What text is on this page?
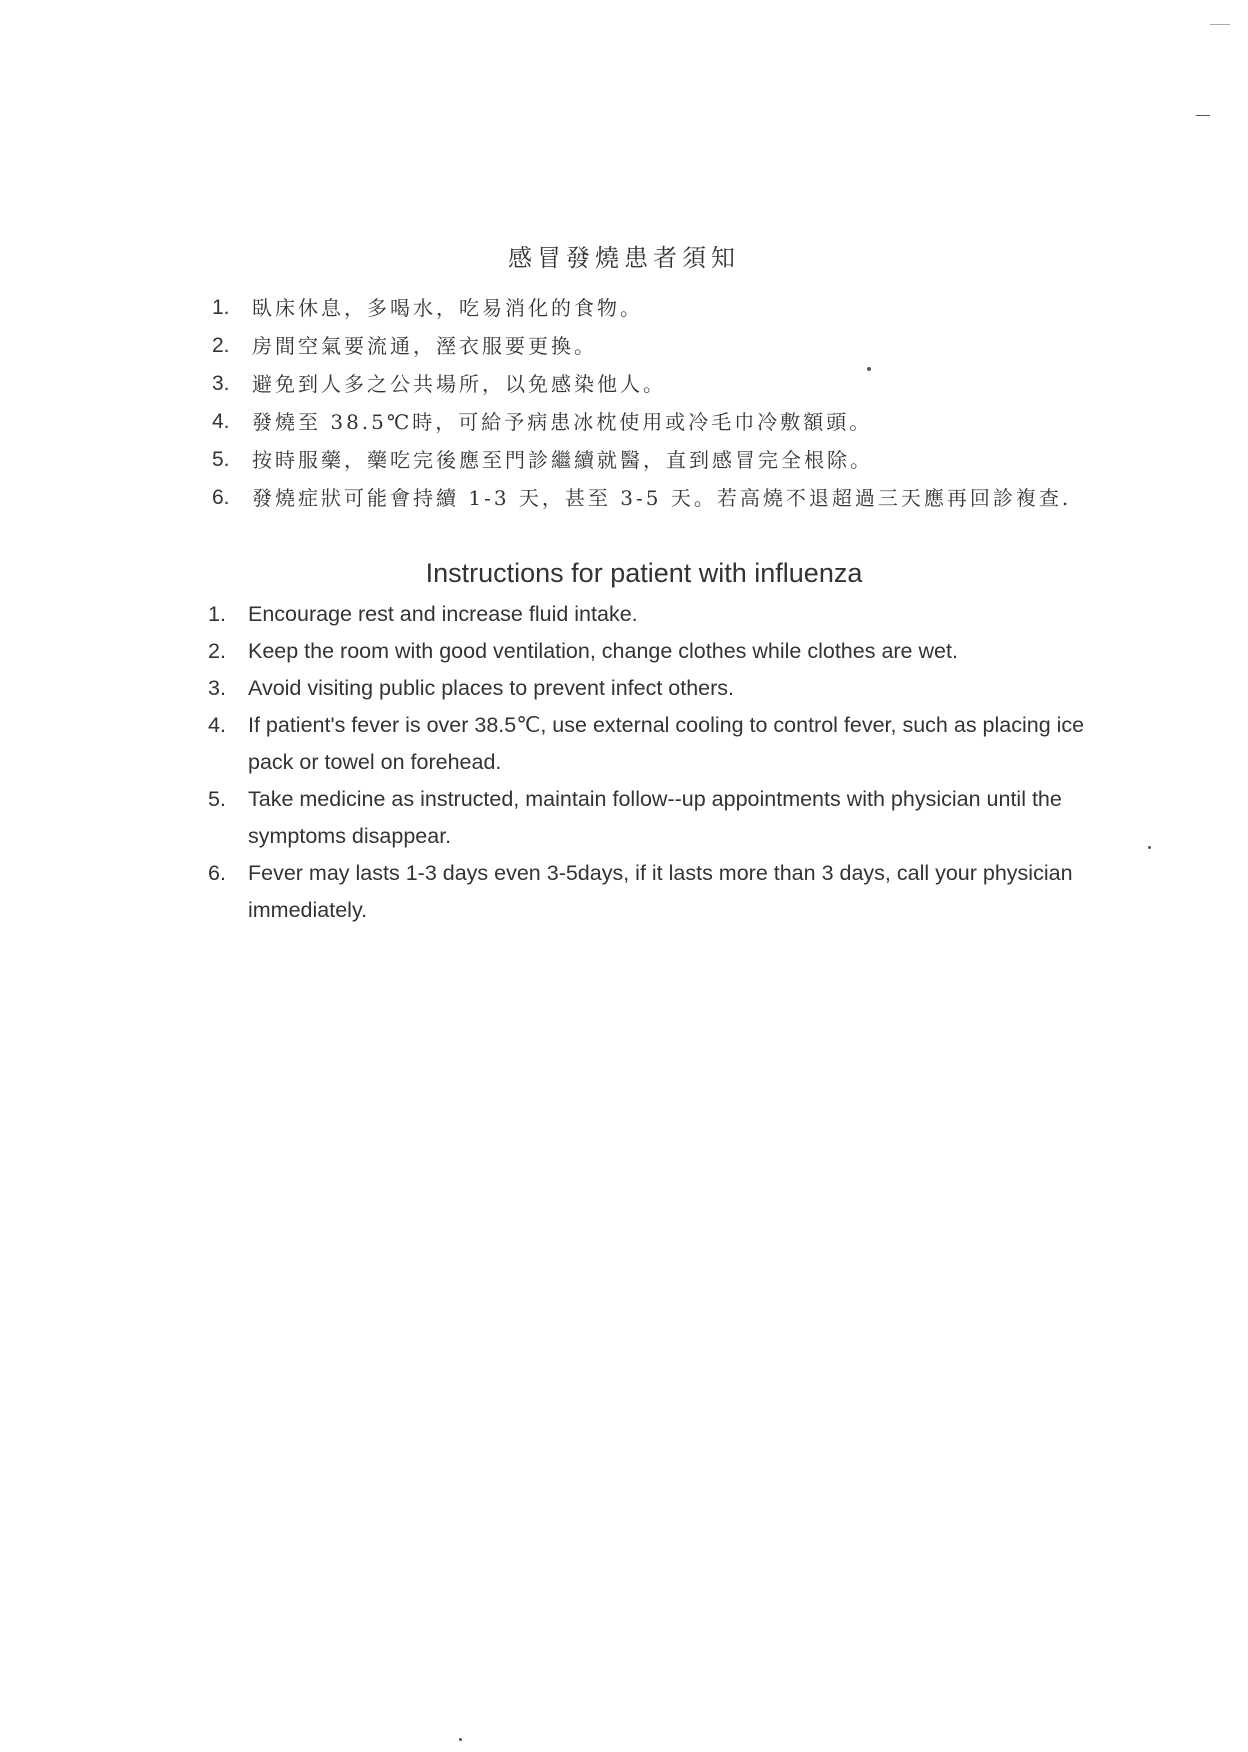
感冒發燒患者須知
1. 臥床休息，多喝水，吃易消化的食物。
2. 房間空氣要流通，溼衣服要更換。
3. 避免到人多之公共場所，以免感染他人。
4. 發燒至 38.5℃時，可給予病患冰枕使用或冷毛巾冷敷額頭。
5. 按時服藥，藥吃完後應至門診繼續就醫，直到感冒完全根除。
6. 發燒症狀可能會持續 1-3 天，甚至 3-5 天。若高燒不退超過三天應再回診複查.
Instructions for patient with influenza
1. Encourage rest and increase fluid intake.
2. Keep the room with good ventilation, change clothes while clothes are wet.
3. Avoid visiting public places to prevent infect others.
4. If patient's fever is over 38.5℃, use external cooling to control fever, such as placing ice pack or towel on forehead.
5. Take medicine as instructed, maintain follow--up appointments with physician until the symptoms disappear.
6. Fever may lasts 1-3 days even 3-5days, if it lasts more than 3 days, call your physician immediately.
